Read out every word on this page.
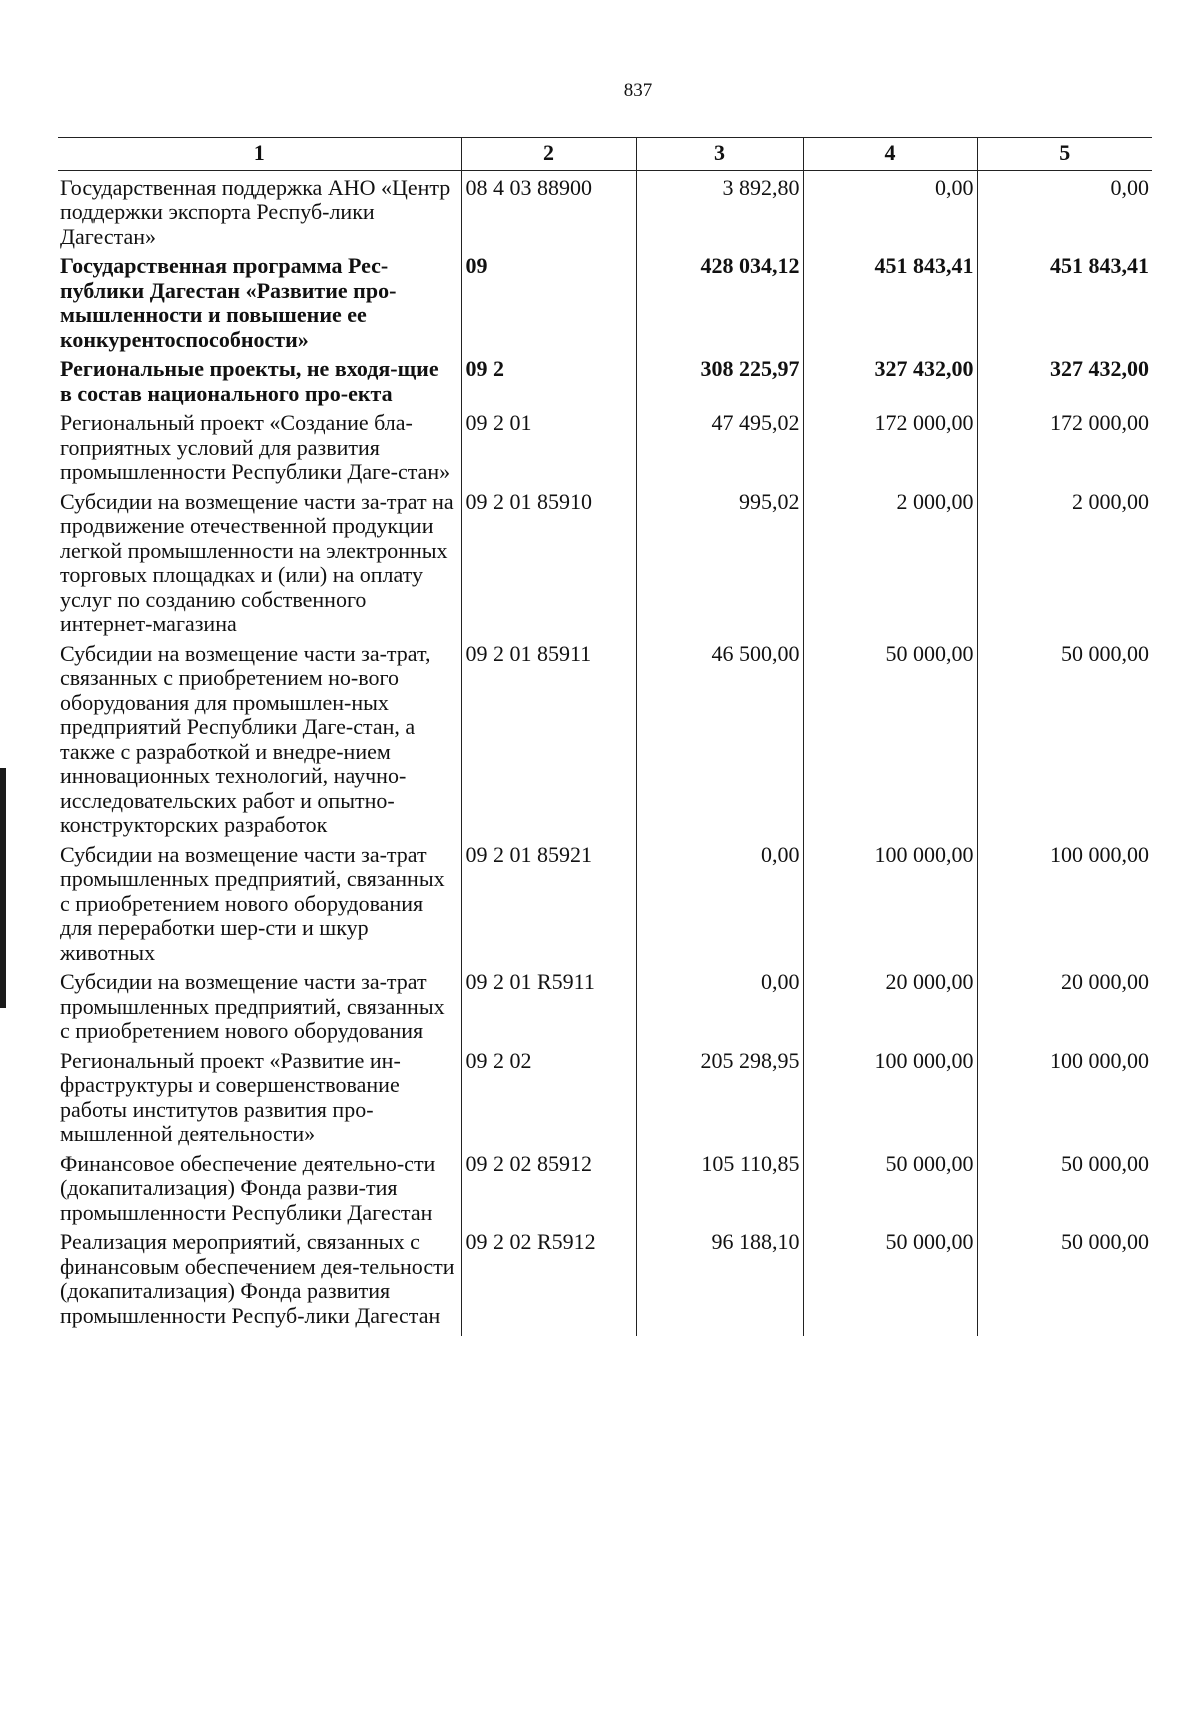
837
1	2	3	4	5

Государственная поддержка АНО «Центр поддержки экспорта Респуб-лики Дагестан»	08 4 03 88900	3 892,80	0,00	0,00

Государственная программа Рес-публики Дагестан «Развитие про-мышленности и повышение ее конкурентоспособности»	09	428 034,12	451 843,41	451 843,41

Региональные проекты, не входя-щие в состав национального про-екта	09 2	308 225,97	327 432,00	327 432,00

Региональный проект «Создание бла-гоприятных условий для развития промышленности Республики Даге-стан»	09 2 01	47 495,02	172 000,00	172 000,00

Субсидии на возмещение части за-трат на продвижение отечественной продукции легкой промышленности на электронных торговых площадках и (или) на оплату услуг по созданию собственного интернет-магазина	09 2 01 85910	995,02	2 000,00	2 000,00

Субсидии на возмещение части за-трат, связанных с приобретением но-вого оборудования для промышлен-ных предприятий Республики Даге-стан, а также с разработкой и внедре-нием инновационных технологий, научно-исследовательских работ и опытно-конструкторских разработок	09 2 01 85911	46 500,00	50 000,00	50 000,00

Субсидии на возмещение части за-трат промышленных предприятий, связанных с приобретением нового оборудования для переработки шер-сти и шкур животных	09 2 01 85921	0,00	100 000,00	100 000,00

Субсидии на возмещение части за-трат промышленных предприятий, связанных с приобретением нового оборудования	09 2 01 R5911	0,00	20 000,00	20 000,00

Региональный проект «Развитие ин-фраструктуры и совершенствование работы институтов развития про-мышленной деятельности»	09 2 02	205 298,95	100 000,00	100 000,00

Финансовое обеспечение деятельно-сти (докапитализация) Фонда разви-тия промышленности Республики Дагестан	09 2 02 85912	105 110,85	50 000,00	50 000,00

Реализация мероприятий, связанных с финансовым обеспечением дея-тельности (докапитализация) Фонда развития промышленности Респуб-лики Дагестан	09 2 02 R5912	96 188,10	50 000,00	50 000,00
